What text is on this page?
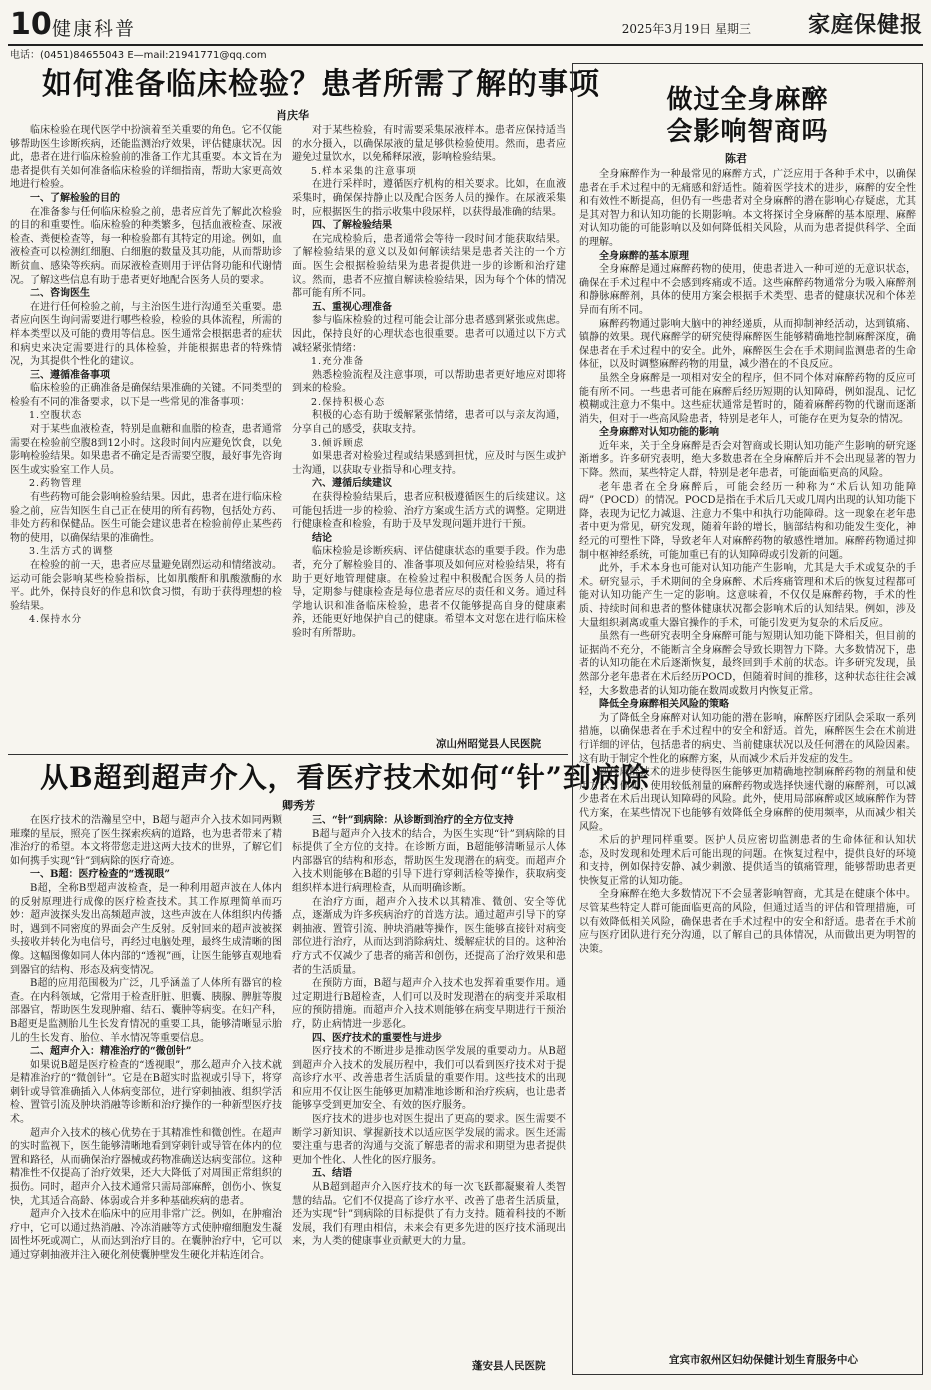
10 健康科普	2025年3月19日 星期三	家庭保健报
电话：(0451)84655043 E—mail:21941771@qq.com
如何准备临床检验？患者所需了解的事项
肖庆华

临床检验在现代医学中扮演着至关重要的角色。它不仅能够帮助医生诊断疾病，还能监测治疗效果，评估健康状况。因此，患者在进行临床检验前的准备工作尤其重要。本文旨在为患者提供有关如何准备临床检验的详细指南，帮助大家更高效地进行检验。

一、了解检验的目的

在准备参与任何临床检验之前，患者应首先了解此次检验的目的和重要性。临床检验的种类繁多，包括血液检查、尿液检查、粪便检查等，每一种检验都有其特定的用途。例如，血液检查可以检测红细胞、白细胞的数量及其功能，从而帮助诊断贫血、感染等疾病。而尿液检查则用于评估肾功能和代谢情况。了解这些信息有助于患者更好地配合医务人员的要求。

二、咨询医生

在进行任何检验之前，与主治医生进行沟通至关重要。患者应向医生询问需要进行哪些检验，检验的具体流程，所需的样本类型以及可能的费用等信息。医生通常会根据患者的症状和病史来决定需要进行的具体检验，并能根据患者的特殊情况，为其提供个性化的建议。

三、遵循准备事项

临床检验的正确准备是确保结果准确的关键。不同类型的检验有不同的准备要求，以下是一些常见的准备事项：

1.空腹状态

对于某些血液检查，特别是血糖和血脂的检查，患者通常需要在检验前空腹8到12小时。这段时间内应避免饮食，以免影响检验结果。如果患者不确定是否需要空腹，最好事先咨询医生或实验室工作人员。

2.药物管理

有些药物可能会影响检验结果。因此，患者在进行临床检验之前，应告知医生自己正在使用的所有药物，包括处方药、非处方药和保健品。医生可能会建议患者在检验前停止某些药物的使用，以确保结果的准确性。

3.生活方式的调整

在检验的前一天，患者应尽量避免剧烈运动和情绪波动。运动可能会影响某些检验指标，比如肌酸酐和肌酸激酶的水平。此外，保持良好的作息和饮食习惯，有助于获得理想的检验结果。

4.保持水分

对于某些检验，有时需要采集尿液样本。患者应保持适当的水分摄入，以确保尿液的量足够供检验使用。然而，患者应避免过量饮水，以免稀释尿液，影响检验结果。

5.样本采集的注意事项

在进行采样时，遵循医疗机构的相关要求。比如，在血液采集时，确保保持静止以及配合医务人员的操作。在尿液采集时，应根据医生的指示收集中段尿样，以获得最准确的结果。

四、了解检验结果

在完成检验后，患者通常会等待一段时间才能获取结果。了解检验结果的意义以及如何解读结果是患者关注的一个方面。医生会根据检验结果为患者提供进一步的诊断和治疗建议。然而，患者不应擅自解读检验结果，因为每个个体的情况都可能有所不同。

五、重视心理准备

参与临床检验的过程可能会让部分患者感到紧张或焦虑。因此，保持良好的心理状态也很重要。患者可以通过以下方式减轻紧张情绪：

1.充分准备

熟悉检验流程及注意事项，可以帮助患者更好地应对即将到来的检验。

2.保持积极心态

积极的心态有助于缓解紧张情绪，患者可以与亲友沟通，分享自己的感受，获取支持。

3.倾诉顾虑

如果患者对检验过程或结果感到担忧，应及时与医生或护士沟通，以获取专业指导和心理支持。

六、遵循后续建议

在获得检验结果后，患者应积极遵循医生的后续建议。这可能包括进一步的检验、治疗方案或生活方式的调整。定期进行健康检查和检验，有助于及早发现问题并进行干预。

结论

临床检验是诊断疾病、评估健康状态的重要手段。作为患者，充分了解检验目的、准备事项及如何应对检验结果，将有助于更好地管理健康。在检验过程中积极配合医务人员的指导，定期参与健康检查是每位患者应尽的责任和义务。通过科学地认识和准备临床检验，患者不仅能够提高自身的健康素养，还能更好地保护自己的健康。希望本文对您在进行临床检验时有所帮助。

凉山州昭觉县人民医院
从B超到超声介入，看医疗技术如何“针”到病除
卿秀芳

在医疗技术的浩瀚星空中，B超与超声介入技术如同两颗璀璨的星辰，照亮了医生探索疾病的道路，也为患者带来了精准治疗的希望。本文将带您走进这两大技术的世界，了解它们如何携手实现“针”到病除的医疗奇迹。

一、B超：医疗检查的“透视眼”

B超，全称B型超声波检查，是一种利用超声波在人体内的反射原理进行成像的医疗检查技术。其工作原理简单而巧妙：超声波探头发出高频超声波，这些声波在人体组织内传播时，遇到不同密度的界面会产生反射。反射回来的超声波被探头接收并转化为电信号，再经过电脑处理，最终生成清晰的图像。这幅图像如同人体内部的“透视”画，让医生能够直观地看到器官的结构、形态及病变情况。

B超的应用范围极为广泛，几乎涵盖了人体所有器官的检查。在内科领域，它常用于检查肝脏、胆囊、胰腺、脾脏等腹部器官，帮助医生发现肿瘤、结石、囊肿等病变。在妇产科，B超更是监测胎儿生长发育情况的重要工具，能够清晰显示胎儿的生长发育、胎位、羊水情况等重要信息。

二、超声介入：精准治疗的“微创针”

如果说B超是医疗检查的“透视眼”，那么超声介入技术就是精准治疗的“微创针”。它是在B超实时监视或引导下，将穿刺针或导管准确插入人体病变部位，进行穿刺抽液、组织学活检、置管引流及肿块消融等诊断和治疗操作的一种新型医疗技术。

超声介入技术的核心优势在于其精准性和微创性。在超声的实时监视下，医生能够清晰地看到穿刺针或导管在体内的位置和路径，从而确保治疗器械或药物准确送达病变部位。这种精准性不仅提高了治疗效果，还大大降低了对周围正常组织的损伤。同时，超声介入技术通常只需局部麻醉，创伤小、恢复快，尤其适合高龄、体弱或合并多种基础疾病的患者。

超声介入技术在临床中的应用非常广泛。例如，在肿瘤治疗中，它可以通过热消融、冷冻消融等方式使肿瘤细胞发生凝固性坏死或凋亡，从而达到治疗目的。在囊肿治疗中，它可以通过穿刺抽液并注入硬化剂使囊肿壁发生硬化并粘连闭合。

三、“针”到病除：从诊断到治疗的全方位支持

B超与超声介入技术的结合，为医生实现“针”到病除的目标提供了全方位的支持。在诊断方面，B超能够清晰显示人体内部器官的结构和形态，帮助医生发现潜在的病变。而超声介入技术则能够在B超的引导下进行穿刺活检等操作，获取病变组织样本进行病理检查，从而明确诊断。

在治疗方面，超声介入技术以其精准、微创、安全等优点，逐渐成为许多疾病治疗的首选方法。通过超声引导下的穿刺抽液、置管引流、肿块消融等操作，医生能够直接针对病变部位进行治疗，从而达到消除病灶、缓解症状的目的。这种治疗方式不仅减少了患者的痛苦和创伤，还提高了治疗效果和患者的生活质量。

在预防方面，B超与超声介入技术也发挥着重要作用。通过定期进行B超检查，人们可以及时发现潜在的病变并采取相应的预防措施。而超声介入技术则能够在病变早期进行干预治疗，防止病情进一步恶化。

四、医疗技术的重要性与进步

医疗技术的不断进步是推动医学发展的重要动力。从B超到超声介入技术的发展历程中，我们可以看到医疗技术对于提高诊疗水平、改善患者生活质量的重要作用。这些技术的出现和应用不仅让医生能够更加精准地诊断和治疗疾病，也让患者能够享受到更加安全、有效的医疗服务。

医疗技术的进步也对医生提出了更高的要求。医生需要不断学习新知识、掌握新技术以适应医学发展的需求。医生还需要注重与患者的沟通与交流了解患者的需求和期望为患者提供更加个性化、人性化的医疗服务。

五、结语

从B超到超声介入医疗技术的每一次飞跃都凝聚着人类智慧的结晶。它们不仅提高了诊疗水平、改善了患者生活质量，还为实现“针”到病除的目标提供了有力支持。随着科技的不断发展，我们有理由相信，未来会有更多先进的医疗技术涌现出来，为人类的健康事业贡献更大的力量。

蓬安县人民医院
做过全身麻醉
会影响智商吗
陈君

全身麻醉作为一种最常见的麻醉方式，广泛应用于各种手术中，以确保患者在手术过程中的无痛感和舒适性。随着医学技术的进步，麻醉的安全性和有效性不断提高，但仍有一些患者对全身麻醉的潜在影响心存疑虑，尤其是其对智力和认知功能的长期影响。本文将探讨全身麻醉的基本原理、麻醉对认知功能的可能影响以及如何降低相关风险，从而为患者提供科学、全面的理解。

全身麻醉的基本原理

全身麻醉是通过麻醉药物的使用，使患者进入一种可逆的无意识状态，确保在手术过程中不会感到疼痛或不适。这些麻醉药物通常分为吸入麻醉剂和静脉麻醉剂，具体的使用方案会根据手术类型、患者的健康状况和个体差异而有所不同。

麻醉药物通过影响大脑中的神经递质，从而抑制神经活动，达到镇痛、镇静的效果。现代麻醉学的研究使得麻醉医生能够精确地控制麻醉深度，确保患者在手术过程中的安全。此外，麻醉医生会在手术期间监测患者的生命体征，以及时调整麻醉药物的用量，减少潜在的不良反应。

虽然全身麻醉是一项相对安全的程序，但不同个体对麻醉药物的反应可能有所不同。一些患者可能在麻醉后经历短期的认知障碍，例如混乱、记忆模糊或注意力不集中。这些症状通常是暂时的，随着麻醉药物的代谢而逐渐消失，但对于一些高风险患者，特别是老年人，可能存在更为复杂的情况。

全身麻醉对认知功能的影响

近年来，关于全身麻醉是否会对智商或长期认知功能产生影响的研究逐渐增多。许多研究表明，绝大多数患者在全身麻醉后并不会出现显著的智力下降。然而，某些特定人群，特别是老年患者，可能面临更高的风险。

老年患者在全身麻醉后，可能会经历一种称为“术后认知功能障碍”（POCD）的情况。POCD是指在手术后几天或几周内出现的认知功能下降，表现为记忆力减退、注意力不集中和执行功能障碍。这一现象在老年患者中更为常见，研究发现，随着年龄的增长，脑部结构和功能发生变化，神经元的可塑性下降，导致老年人对麻醉药物的敏感性增加。麻醉药物通过抑制中枢神经系统，可能加重已有的认知障碍或引发新的问题。

此外，手术本身也可能对认知功能产生影响，尤其是大手术或复杂的手术。研究显示，手术期间的全身麻醉、术后疼痛管理和术后的恢复过程都可能对认知功能产生一定的影响。这意味着，不仅仅是麻醉药物，手术的性质、持续时间和患者的整体健康状况都会影响术后的认知结果。例如，涉及大量组织剥离或重大器官操作的手术，可能引发更为复杂的术后反应。

虽然有一些研究表明全身麻醉可能与短期认知功能下降相关，但目前的证据尚不充分，不能断言全身麻醉会导致长期智力下降。大多数情况下，患者的认知功能在术后逐渐恢复，最终回到手术前的状态。许多研究发现，虽然部分老年患者在术后经历POCD，但随着时间的推移，这种状态往往会减轻，大多数患者的认知功能在数周或数月内恢复正常。

降低全身麻醉相关风险的策略

为了降低全身麻醉对认知功能的潜在影响，麻醉医疗团队会采取一系列措施，以确保患者在手术过程中的安全和舒适。首先，麻醉医生会在术前进行详细的评估，包括患者的病史、当前健康状况以及任何潜在的风险因素。这有助于制定个性化的麻醉方案，从而减少术后并发症的发生。

现代麻醉技术的进步使得医生能够更加精确地控制麻醉药物的剂量和使用方式。例如，使用较低剂量的麻醉药物或选择快速代谢的麻醉剂，可以减少患者在术后出现认知障碍的风险。此外，使用局部麻醉或区域麻醉作为替代方案，在某些情况下也能够有效降低全身麻醉的使用频率，从而减少相关风险。

术后的护理同样重要。医护人员应密切监测患者的生命体征和认知状态，及时发现和处理术后可能出现的问题。在恢复过程中，提供良好的环境和支持，例如保持安静、减少刺激、提供适当的镇痛管理，能够帮助患者更快恢复正常的认知功能。

全身麻醉在绝大多数情况下不会显著影响智商，尤其是在健康个体中。尽管某些特定人群可能面临更高的风险，但通过适当的评估和管理措施，可以有效降低相关风险，确保患者在手术过程中的安全和舒适。患者在手术前应与医疗团队进行充分沟通，以了解自己的具体情况，从而做出更为明智的决策。

宜宾市叙州区妇幼保健计划生育服务中心
